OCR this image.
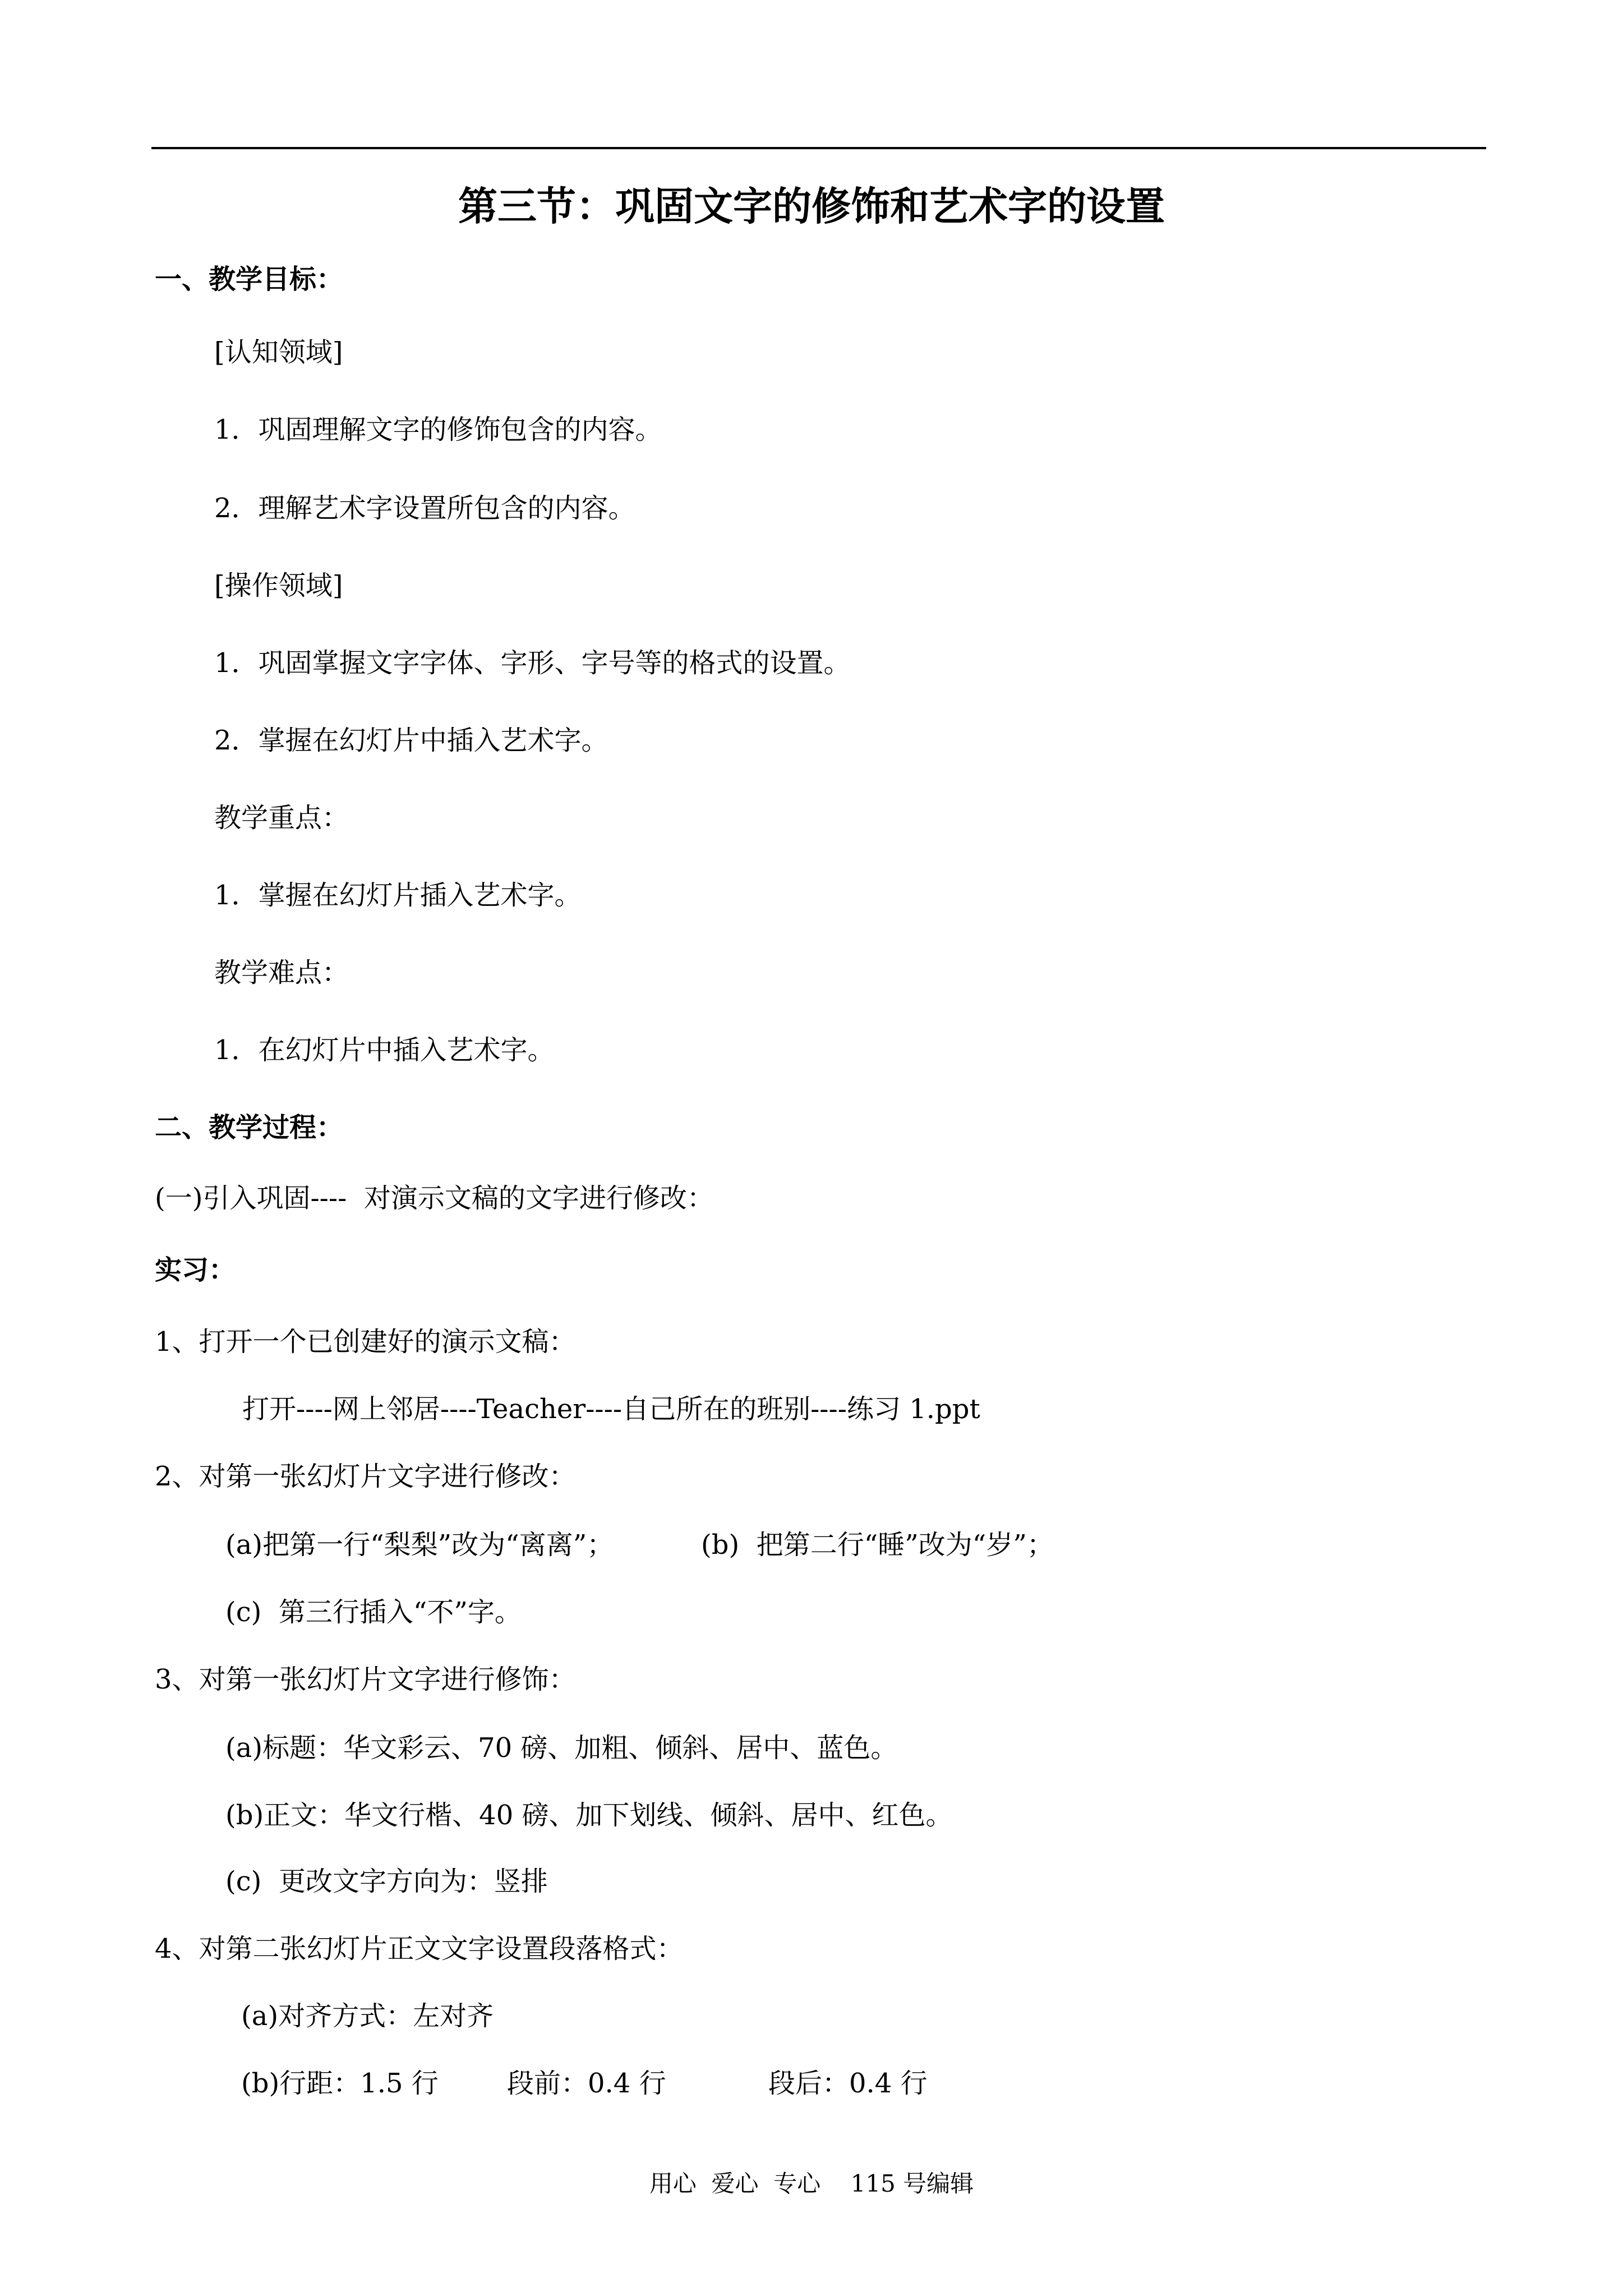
第三节：巩固文字的修饰和艺术字的设置
一、教学目标：
[认知领域]
1．巩固理解文字的修饰包含的内容。
2．理解艺术字设置所包含的内容。
[操作领域]
1．巩固掌握文字字体、字形、字号等的格式的设置。
2．掌握在幻灯片中插入艺术字。
教学重点：
1．掌握在幻灯片插入艺术字。
教学难点：
1．在幻灯片中插入艺术字。
二、教学过程：
(一)引入巩固----  对演示文稿的文字进行修改：
实习：
1、打开一个已创建好的演示文稿：
打开----网上邻居----Teacher----自己所在的班别----练习 1.ppt
2、对第一张幻灯片文字进行修改：
(a)把第一行“梨梨”改为“离离”；	(b)  把第二行“睡”改为“岁”；
(c)  第三行插入“不”字。
3、对第一张幻灯片文字进行修饰：
(a)标题：华文彩云、70 磅、加粗、倾斜、居中、蓝色。
(b)正文：华文行楷、40 磅、加下划线、倾斜、居中、红色。
(c)  更改文字方向为：竖排
4、对第二张幻灯片正文文字设置段落格式：
(a)对齐方式：左对齐
(b)行距：1.5 行	段前：0.4 行	段后：0.4 行
用心  爱心  专心    115 号编辑
